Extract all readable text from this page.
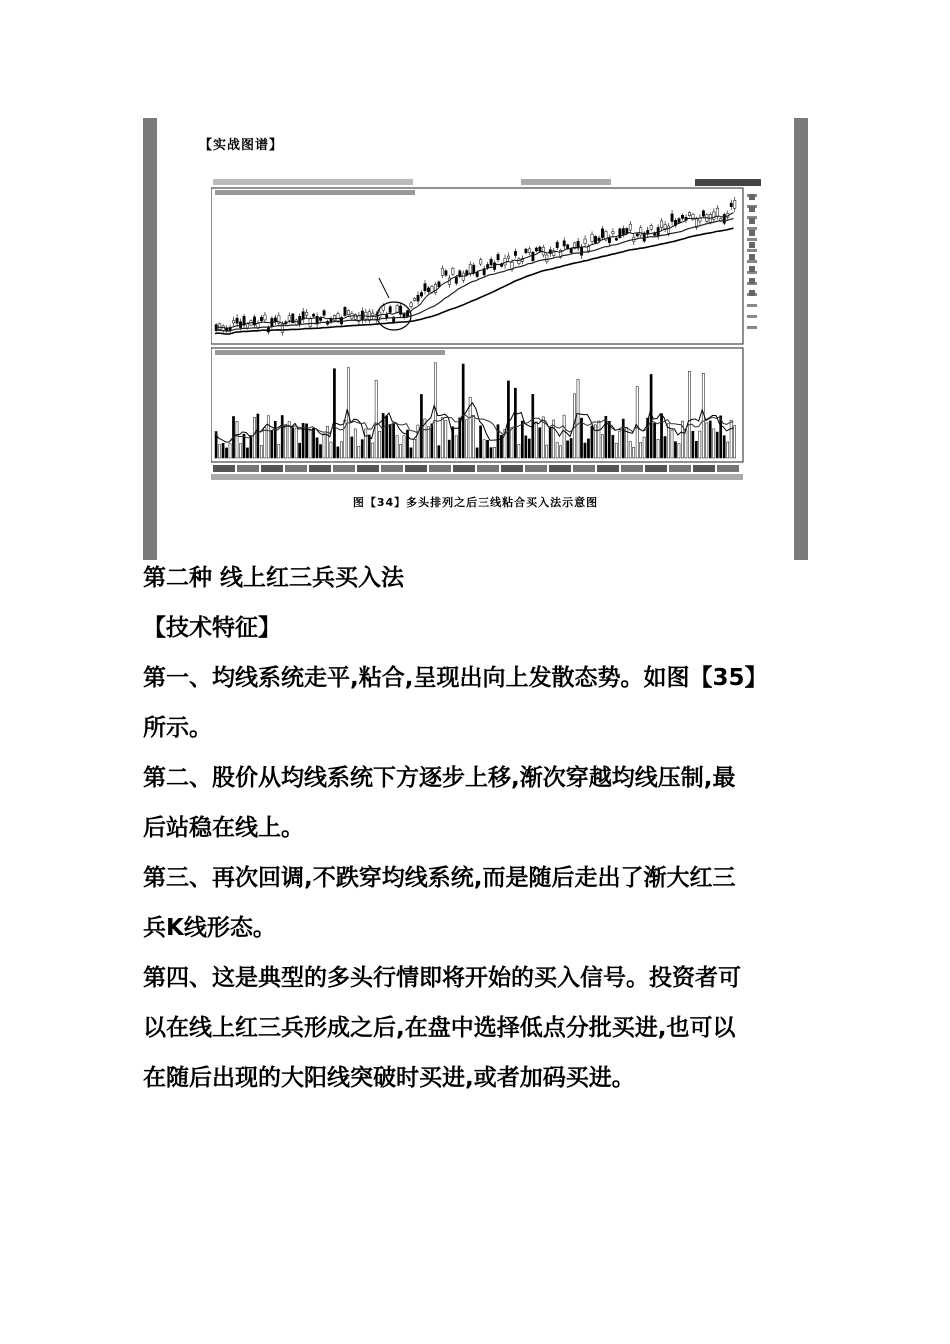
【实战图谱】
图【34】多头排列之后三线粘合买入法示意图
第二种 线上红三兵买入法
【技术特征】
第一、均线系统走平,粘合,呈现出向上发散态势。如图【35】
所示。
第二、股价从均线系统下方逐步上移,渐次穿越均线压制,最
后站稳在线上。
第三、再次回调,不跌穿均线系统,而是随后走出了渐大红三
兵K线形态。
第四、这是典型的多头行情即将开始的买入信号。投资者可
以在线上红三兵形成之后,在盘中选择低点分批买进,也可以
在随后出现的大阳线突破时买进,或者加码买进。
